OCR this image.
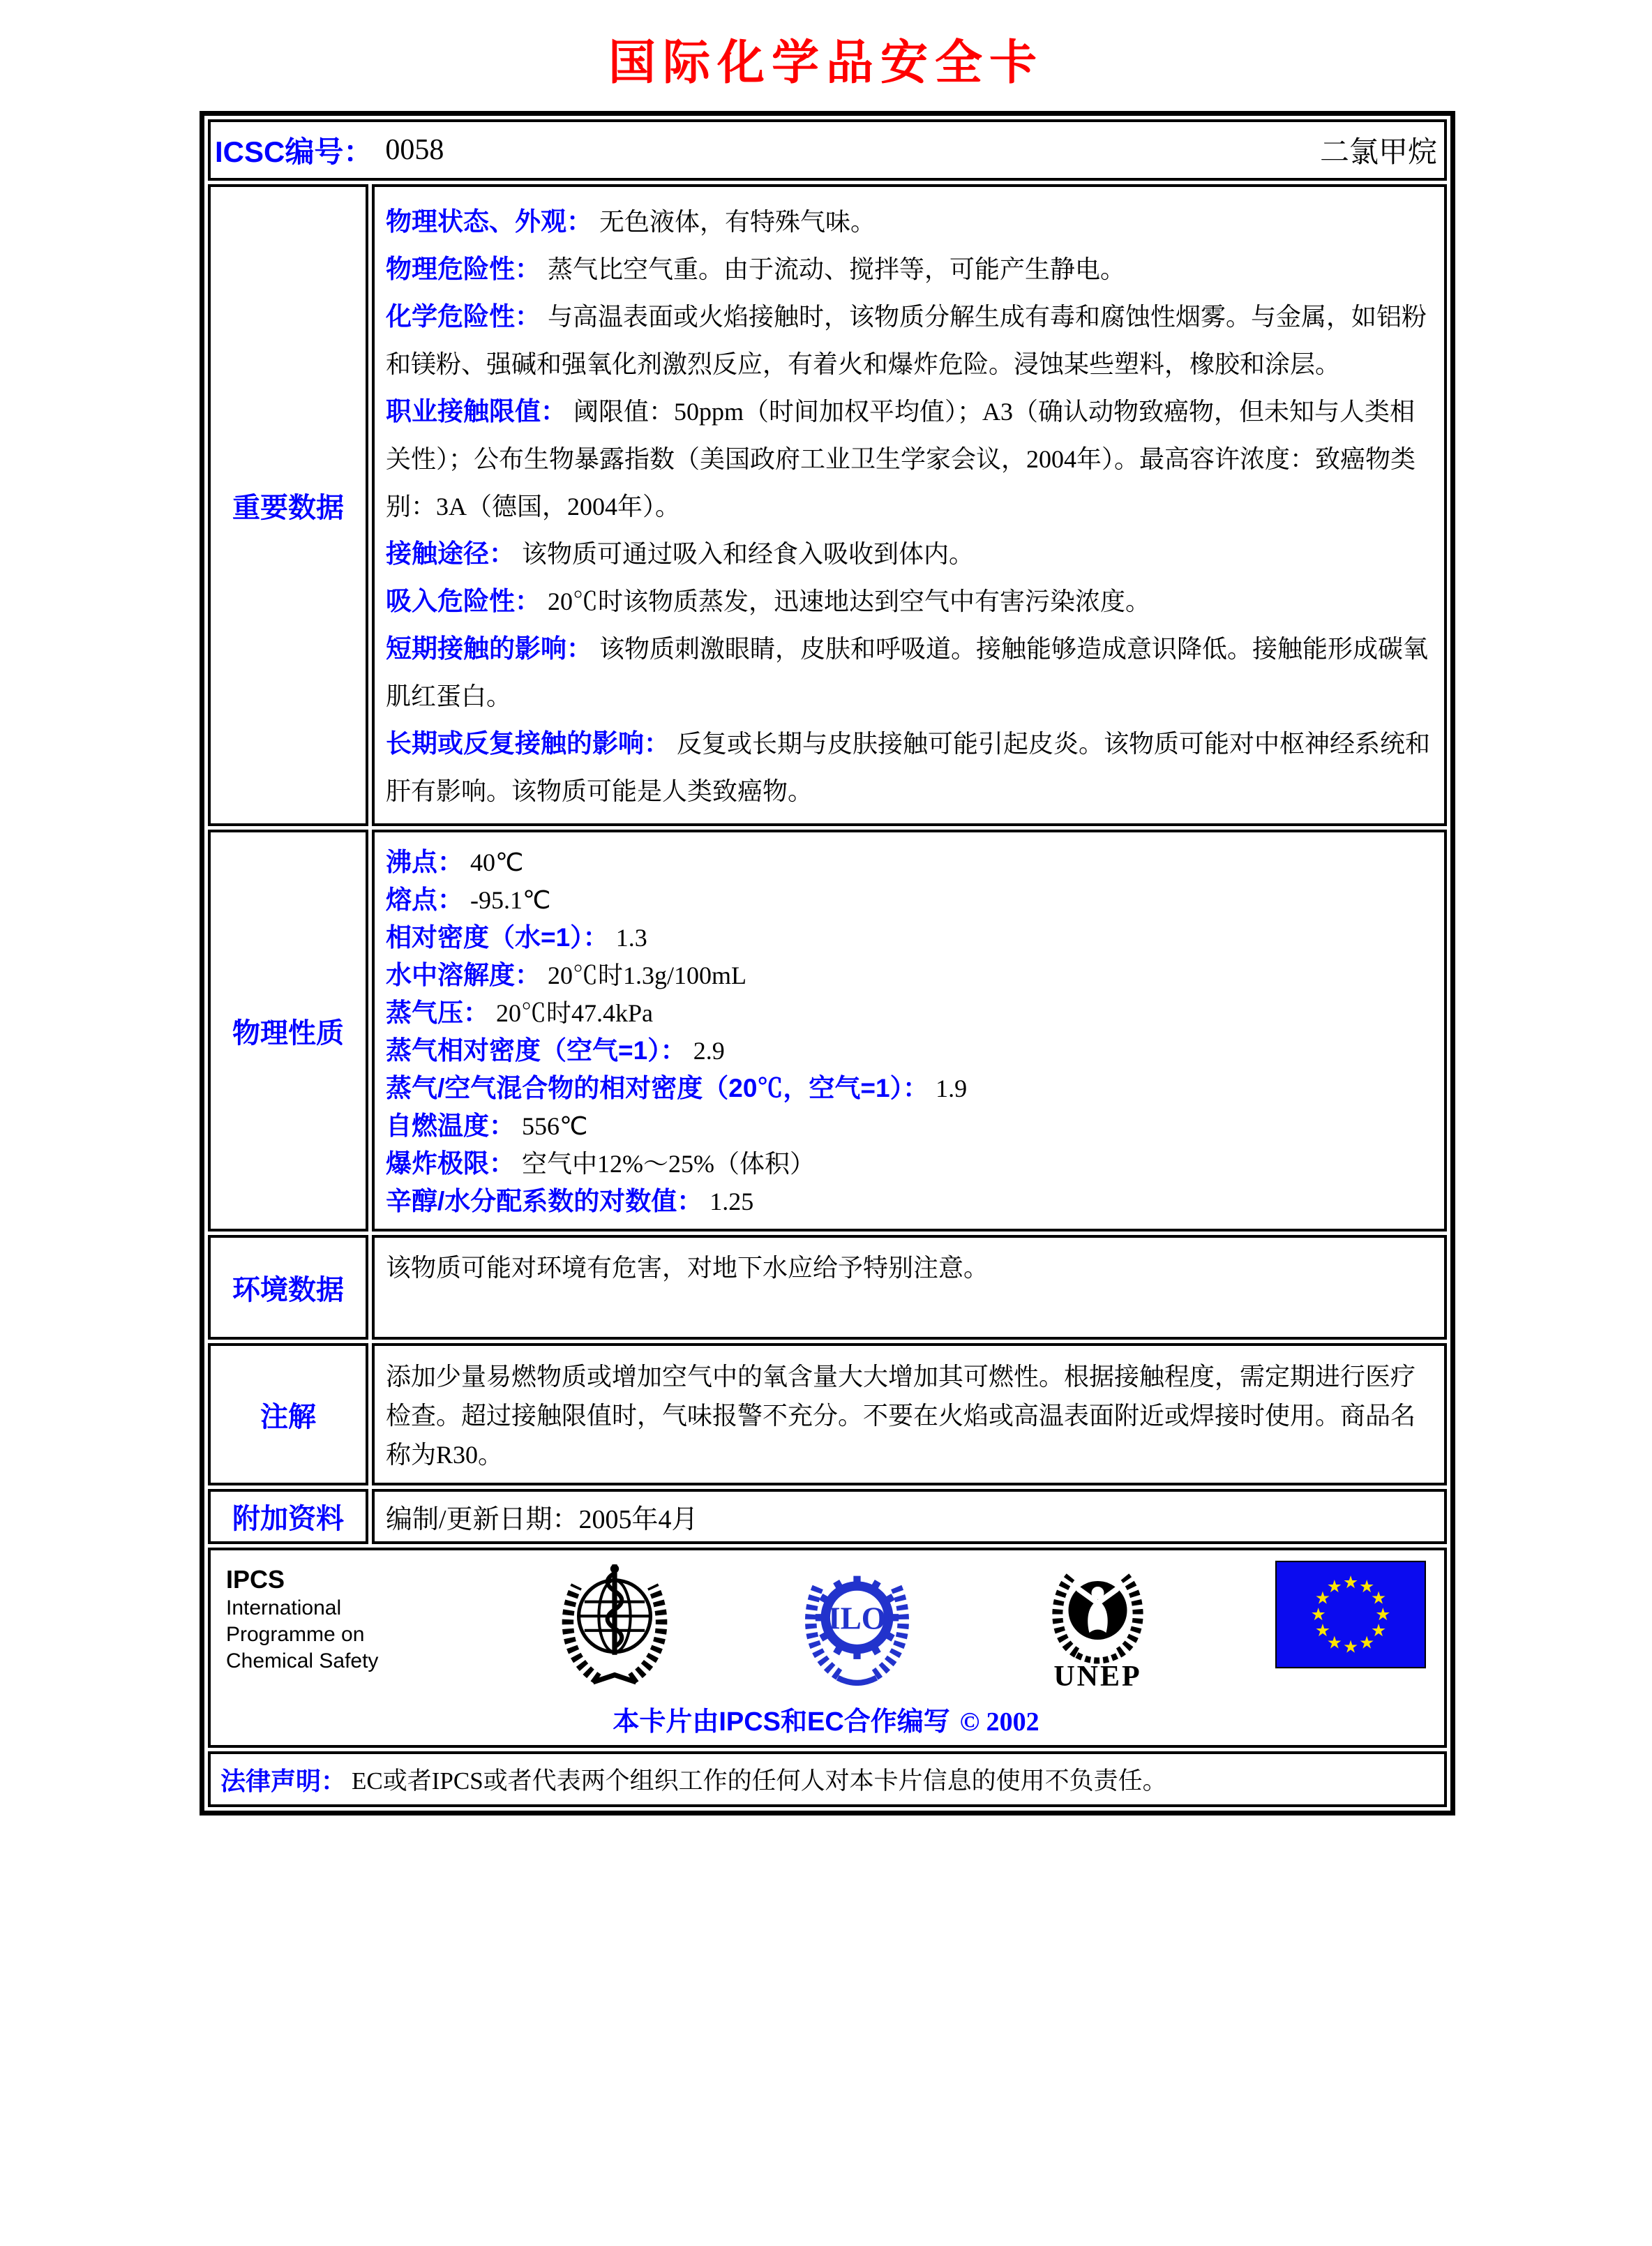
国际化学品安全卡
ICSC编号： 0058	二氯甲烷
重要数据
物理状态、外观： 无色液体，有特殊气味。
物理危险性： 蒸气比空气重。由于流动、搅拌等，可能产生静电。
化学危险性： 与高温表面或火焰接触时，该物质分解生成有毒和腐蚀性烟雾。与金属，如铝粉和镁粉、强碱和强氧化剂激烈反应，有着火和爆炸危险。浸蚀某些塑料，橡胶和涂层。
职业接触限值： 阈限值：50ppm（时间加权平均值）；A3（确认动物致癌物，但未知与人类相关性）；公布生物暴露指数（美国政府工业卫生学家会议，2004年）。最高容许浓度：致癌物类别：3A（德国，2004年）。
接触途径： 该物质可通过吸入和经食入吸收到体内。
吸入危险性： 20℃时该物质蒸发，迅速地达到空气中有害污染浓度。
短期接触的影响： 该物质刺激眼睛，皮肤和呼吸道。接触能够造成意识降低。接触能形成碳氧肌红蛋白。
长期或反复接触的影响： 反复或长期与皮肤接触可能引起皮炎。该物质可能对中枢神经系统和肝有影响。该物质可能是人类致癌物。
物理性质
沸点： 40℃
熔点： -95.1℃
相对密度（水=1）： 1.3
水中溶解度： 20℃时1.3g/100mL
蒸气压： 20℃时47.4kPa
蒸气相对密度（空气=1）： 2.9
蒸气/空气混合物的相对密度（20℃，空气=1）： 1.9
自燃温度： 556℃
爆炸极限： 空气中12%～25%（体积）
辛醇/水分配系数的对数值： 1.25
环境数据
该物质可能对环境有危害，对地下水应给予特别注意。
注解
添加少量易燃物质或增加空气中的氧含量大大增加其可燃性。根据接触程度，需定期进行医疗检查。超过接触限值时，气味报警不充分。不要在火焰或高温表面附近或焊接时使用。商品名称为R30。
附加资料	编制/更新日期：2005年4月
IPCS
International
Programme on
Chemical Safety
ILO
UNEP
★ ★
★
★
★
★
★
★
★
★
★
★
本卡片由IPCS和EC合作编写 © 2002
法律声明： EC或者IPCS或者代表两个组织工作的任何人对本卡片信息的使用不负责任。
